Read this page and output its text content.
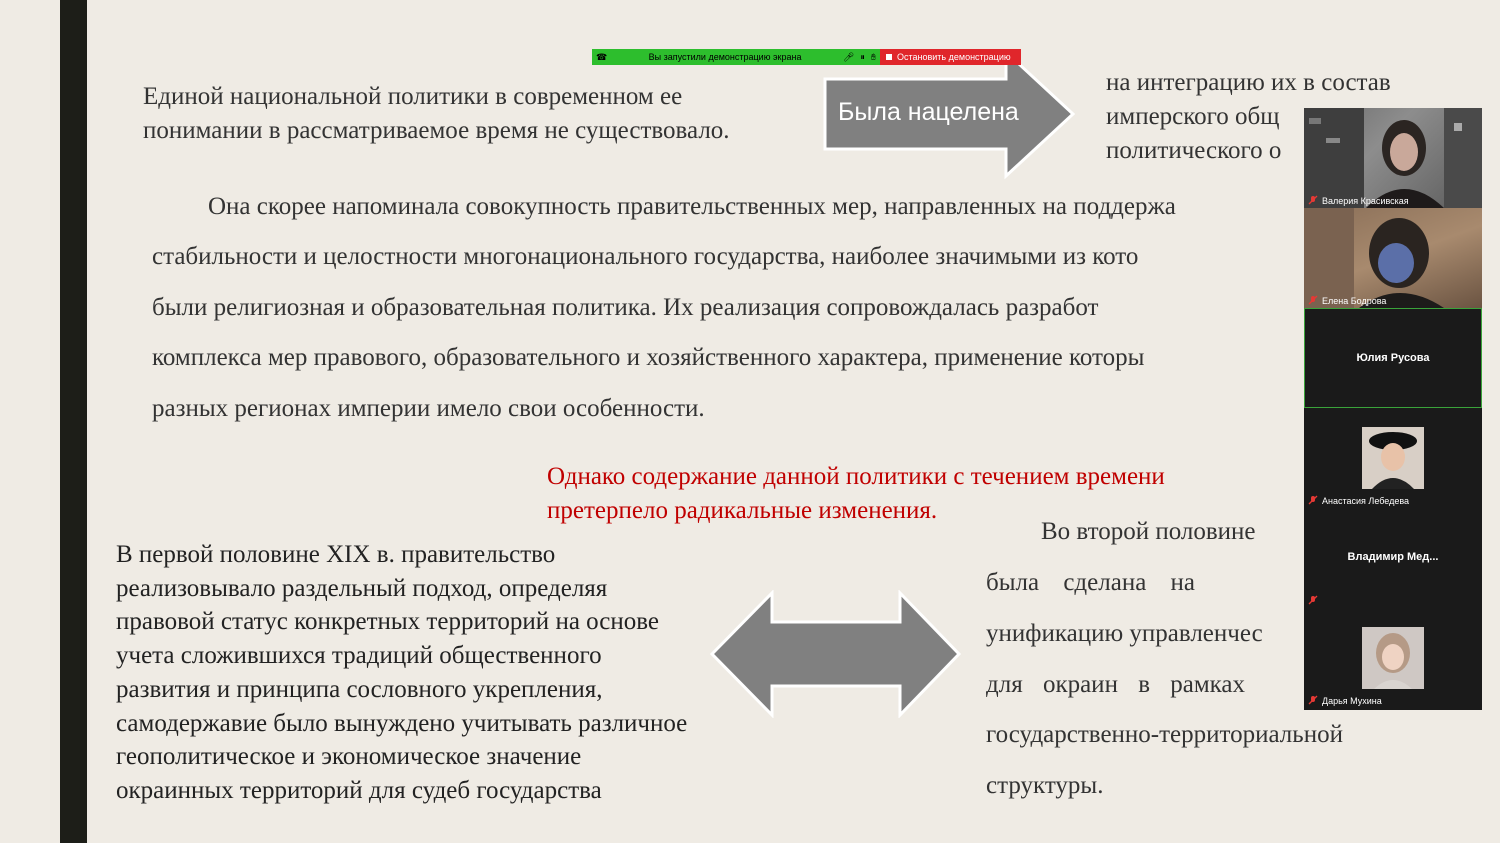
Единой национальной политики в современном ее
понимании в рассматриваемое время не существовало.
Была нацелена
на интеграцию их в состав
имперского общ
политического о
☎	Вы запустили демонстрацию экрана	🎤︎ ⏸︎ ✋︎ Остановить демонстрацию
Она скорее напоминала совокупность правительственных мер, направленных на поддержа
стабильности и целостности многонационального государства, наиболее значимыми из кото
были религиозная и образовательная политика. Их реализация сопровождалась разработ
комплекса мер правового, образовательного и хозяйственного характера, применение которы
разных регионах империи имело свои особенности.
Однако содержание данной политики с течением времени
претерпело радикальные изменения.
В первой половине XIX в. правительство
реализовывало раздельный подход, определяя
правовой статус конкретных территорий на основе
учета сложившихся традиций общественного
развития и принципа сословного укрепления,
самодержавие было вынуждено учитывать различное
геополитическое и экономическое значение
окраинных территорий для судеб государства
Во второй половине
была сделана на
унификацию управленчес
для окраин в рамках
государственно-территориальной
структуры.
Валерия Красивская
Елена Бодрова
Юлия Русова
Анастасия Лебедева
Владимир Мед...
Дарья Мухина
